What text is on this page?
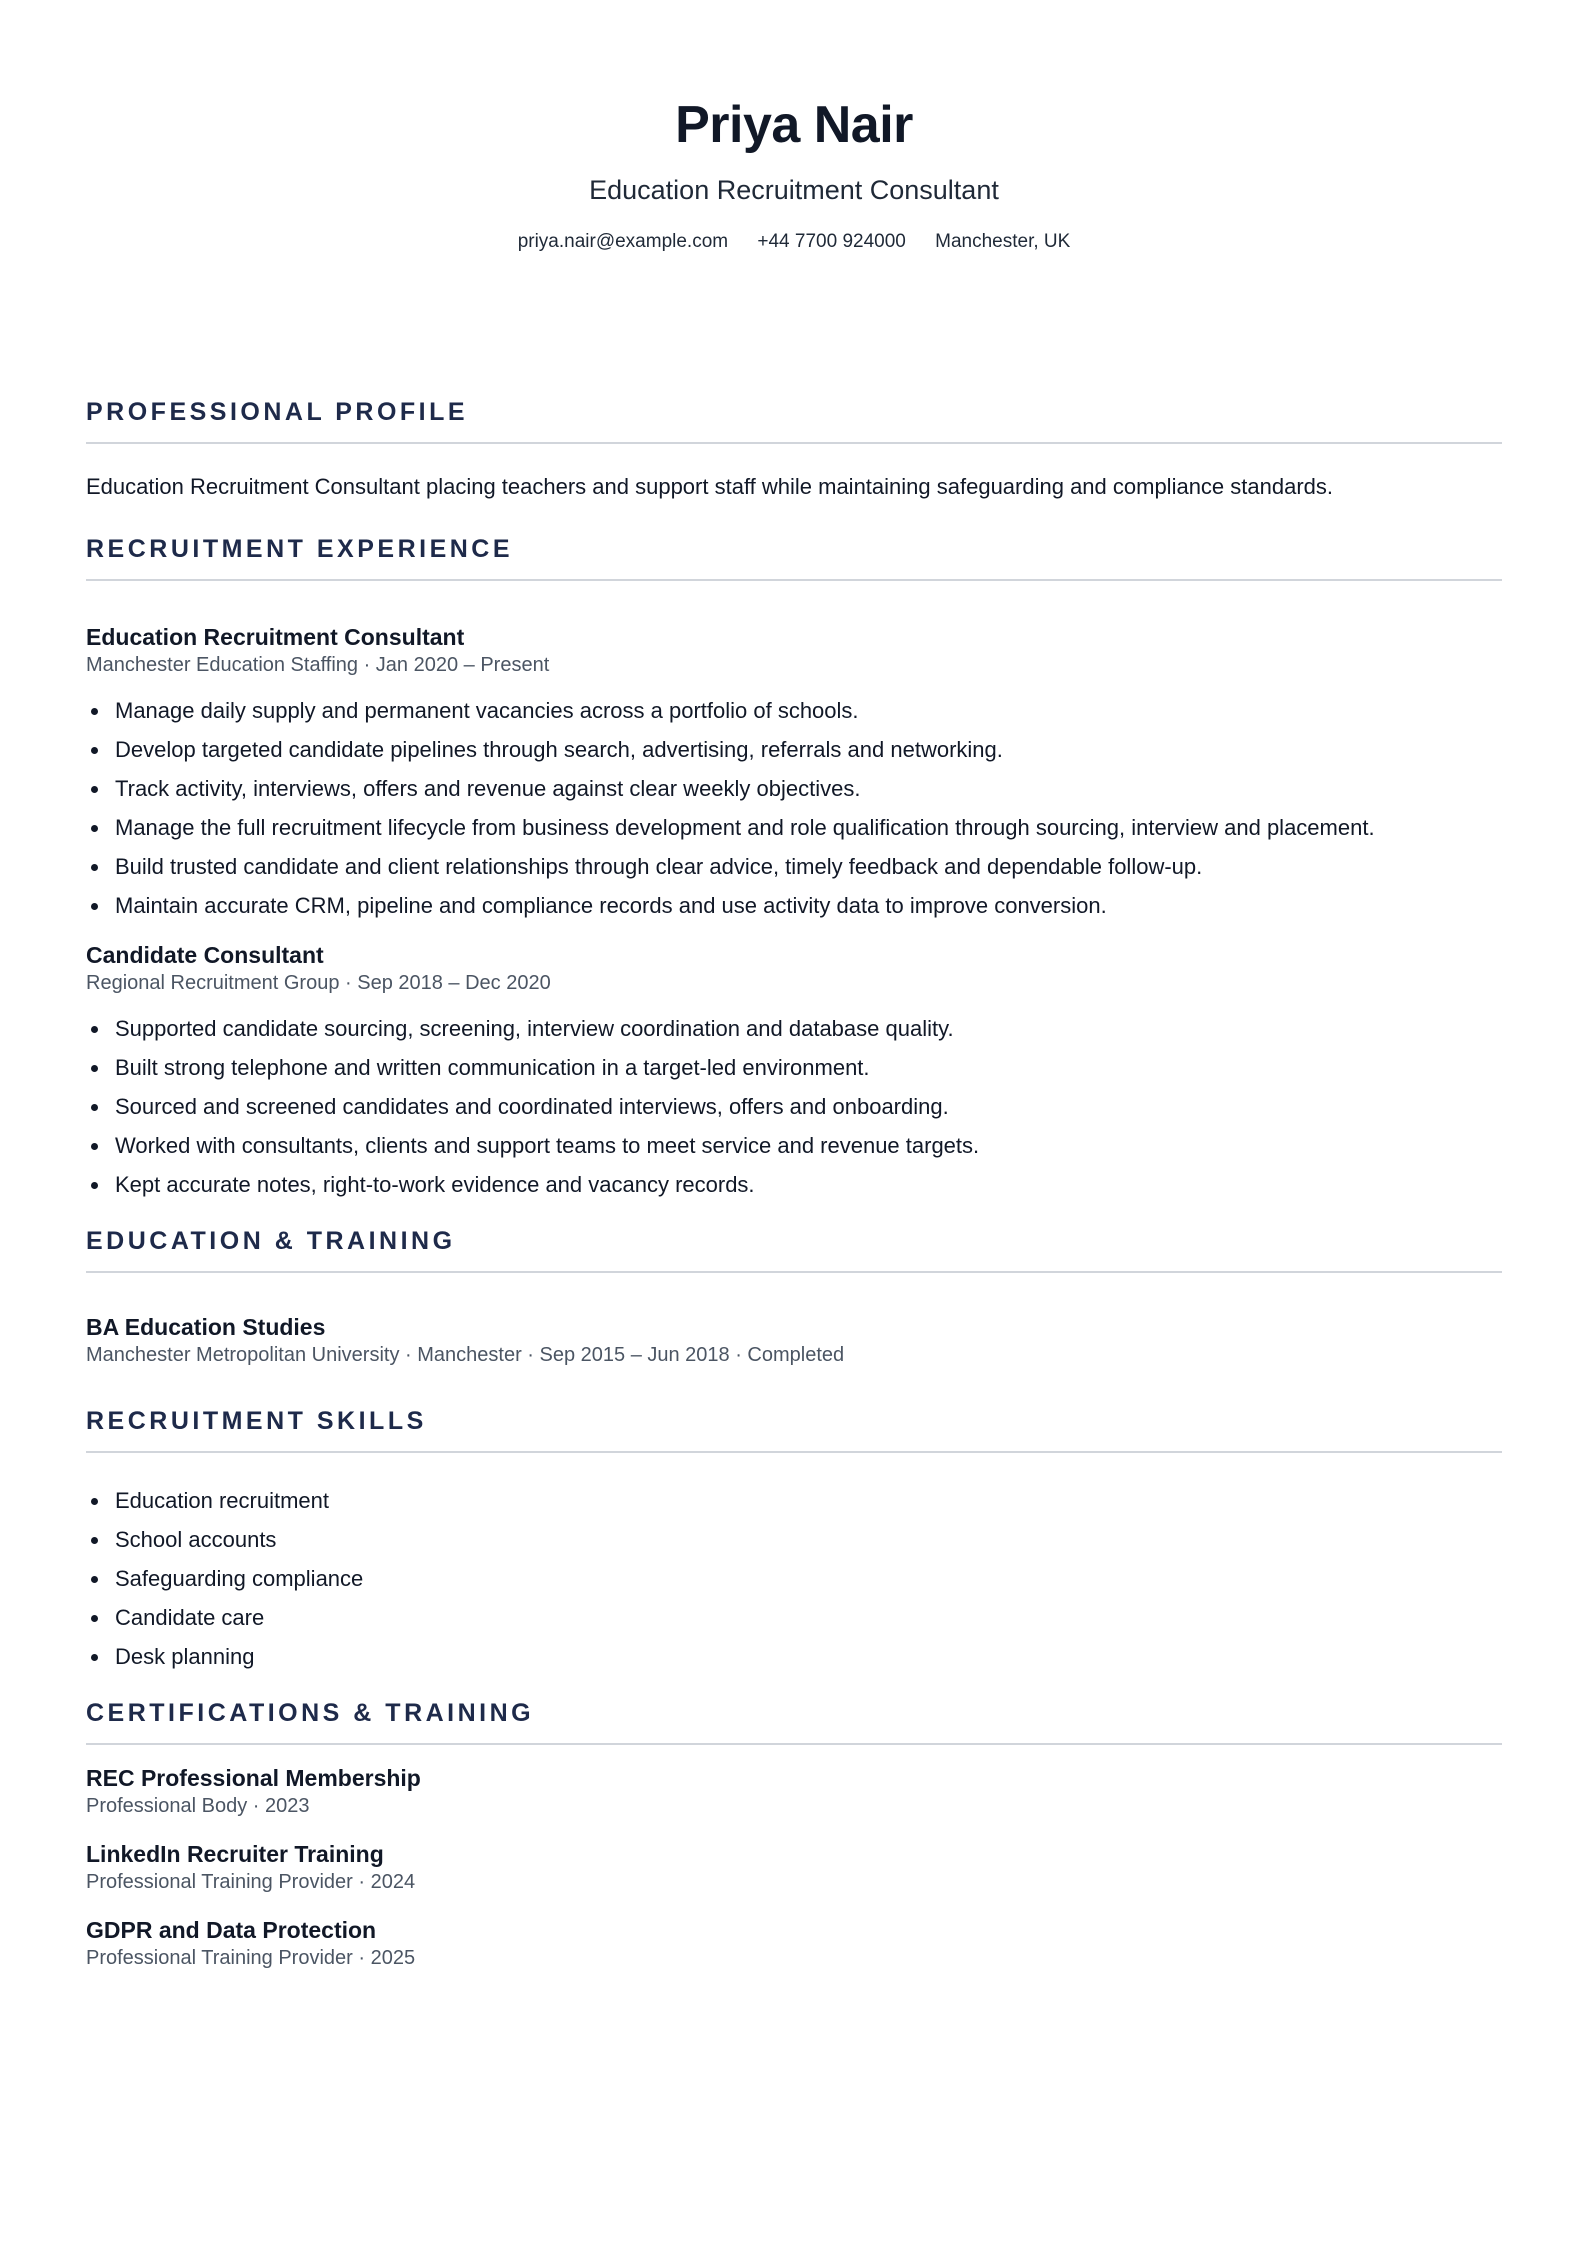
Priya Nair
Education Recruitment Consultant
priya.nair@example.com +44 7700 924000 Manchester, UK
PROFESSIONAL PROFILE

Education Recruitment Consultant placing teachers and support staff while maintaining safeguarding and compliance standards.

RECRUITMENT EXPERIENCE
Education Recruitment Consultant
Manchester Education Staffing · Jan 2020 – Present
Manage daily supply and permanent vacancies across a portfolio of schools.
Develop targeted candidate pipelines through search, advertising, referrals and networking.
Track activity, interviews, offers and revenue against clear weekly objectives.
Manage the full recruitment lifecycle from business development and role qualification through sourcing, interview and placement.
Build trusted candidate and client relationships through clear advice, timely feedback and dependable follow-up.
Maintain accurate CRM, pipeline and compliance records and use activity data to improve conversion.
Candidate Consultant
Regional Recruitment Group · Sep 2018 – Dec 2020
Supported candidate sourcing, screening, interview coordination and database quality.
Built strong telephone and written communication in a target-led environment.
Sourced and screened candidates and coordinated interviews, offers and onboarding.
Worked with consultants, clients and support teams to meet service and revenue targets.
Kept accurate notes, right-to-work evidence and vacancy records.
EDUCATION & TRAINING
BA Education Studies
Manchester Metropolitan University · Manchester · Sep 2015 – Jun 2018 · Completed
RECRUITMENT SKILLS
Education recruitment
School accounts
Safeguarding compliance
Candidate care
Desk planning
CERTIFICATIONS & TRAINING
REC Professional Membership
Professional Body · 2023
LinkedIn Recruiter Training
Professional Training Provider · 2024
GDPR and Data Protection
Professional Training Provider · 2025
